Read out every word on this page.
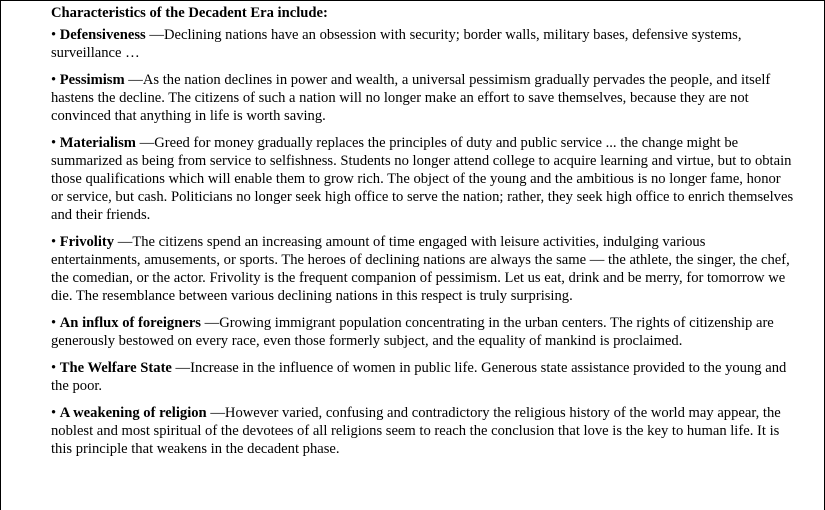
Characteristics of the Decadent Era include:

• Defensiveness — Declining nations have an obsession with security; border walls, military bases, defensive systems, surveillance …

• Pessimism — As the nation declines in power and wealth, a universal pessimism gradually pervades the people, and itself hastens the decline. The citizens of such a nation will no longer make an effort to save themselves, because they are not convinced that anything in life is worth saving.

• Materialism — Greed for money gradually replaces the principles of duty and public service ... the change might be summarized as being from service to selfishness. Students no longer attend college to acquire learning and virtue, but to obtain those qualifications which will enable them to grow rich. The object of the young and the ambitious is no longer fame, honor or service, but cash. Politicians no longer seek high office to serve the nation; rather, they seek high office to enrich themselves and their friends.

• Frivolity — The citizens spend an increasing amount of time engaged with leisure activities, indulging various entertainments, amusements, or sports. The heroes of declining nations are always the same — the athlete, the singer, the chef, the comedian, or the actor. Frivolity is the frequent companion of pessimism. Let us eat, drink and be merry, for tomorrow we die. The resemblance between various declining nations in this respect is truly surprising.

• An influx of foreigners — Growing immigrant population concentrating in the urban centers. The rights of citizenship are generously bestowed on every race, even those formerly subject, and the equality of mankind is proclaimed.

• The Welfare State — Increase in the influence of women in public life. Generous state assistance provided to the young and the poor.

• A weakening of religion — However varied, confusing and contradictory the religious history of the world may appear, the noblest and most spiritual of the devotees of all religions seem to reach the conclusion that love is the key to human life. It is this principle that weakens in the decadent phase.
